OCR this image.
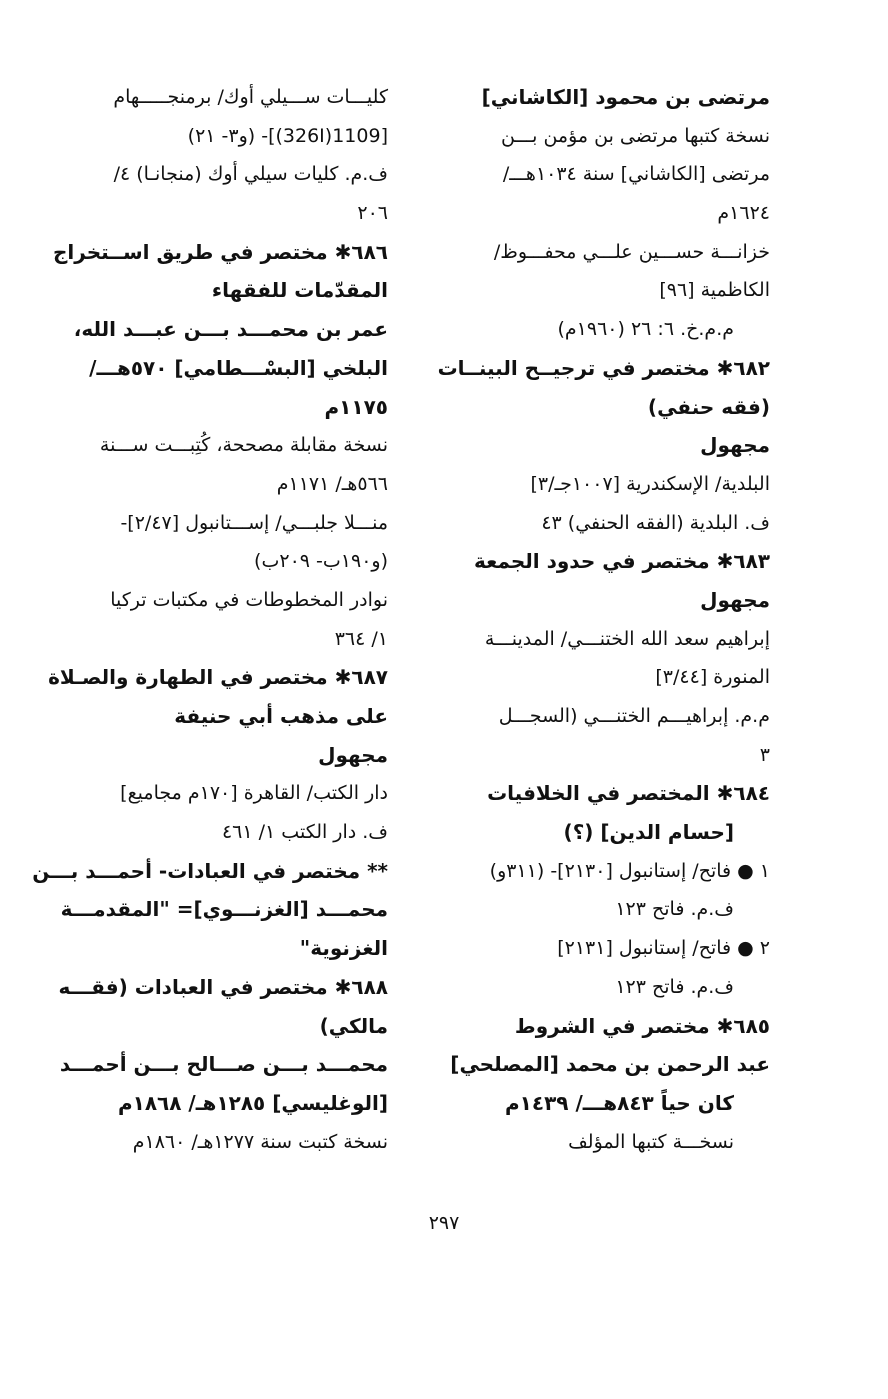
مرتضى بن محمود [الكاشاني]
نسخة كتبها مرتضى بن مؤمن بـــن
مرتضى [الكاشاني] سنة ١٠٣٤هـــ/
١٦٢٤م
خزانـــة حســـين علـــي محفـــوظ/
الكاظمية [٩٦]
م.م.خ. ٦: ٢٦ (١٩٦٠م)
٦٨٢✱ مختصر في ترجيــح البينــات
(فقه حنفي)
مجهول
البلدية/ الإسكندرية [١٠٠٧جـ/٣]
ف. البلدية (الفقه الحنفي) ٤٣
٦٨٣✱ مختصر في حدود الجمعة
مجهول
إبراهيم سعد الله الختنـــي/ المدينـــة
المنورة [٣/٤٤]
م.م. إبراهيـــم الختنـــي (السجـــل
٣
٦٨٤✱ المختصر في الخلافيات
[حسام الدين] (؟)
١ ● فاتح/ إستانبول [٢١٣٠]- (٣١١و)
ف.م. فاتح ١٢٣
٢ ● فاتح/ إستانبول [٢١٣١]
ف.م. فاتح ١٢٣
٦٨٥✱ مختصر في الشروط
عبد الرحمن بن محمد [المصلحي]
كان حياً ٨٤٣هـــ/ ١٤٣٩م
نسخـــة كتبها المؤلف
كليـــات ســـيلي أوك/ برمنجـــــهام
[1109(326I)]- (و٣- ٢١)
ف.م. كليات سيلي أوك (منجانـا) ٤/
٢٠٦
٦٨٦✱ مختصر في طريق اســتخراج
المقدّمات للفقهاء
عمر بن محمـــد بـــن عبـــد الله،
البلخي [البسْـــطامي] ٥٧٠هـــ/
١١٧٥م
نسخة مقابلة مصححة، كُتِبـــت ســـنة
٥٦٦هـ/ ١١٧١م
منـــلا جلبـــي/ إســـتانبول [٢/٤٧]-
(و١٩٠ب- ٢٠٩ب)
نوادر المخطوطات في مكتبات تركيا
١/ ٣٦٤
٦٨٧✱ مختصر في الطهارة والصـلاة
على مذهب أبي حنيفة
مجهول
دار الكتب/ القاهرة [١٧٠م مجاميع]
ف. دار الكتب ١/ ٤٦١
** مختصر في العبادات- أحمـــد بـــن
محمـــد [الغزنـــوي]= "المقدمـــة
الغزنوية"
٦٨٨✱ مختصر في العبادات (فقـــه
مالكي)
محمـــد بـــن صـــالح بـــن أحمـــد
[الوغليسي] ١٢٨٥هـ/ ١٨٦٨م
نسخة كتبت سنة ١٢٧٧هـ/ ١٨٦٠م
٢٩٧
